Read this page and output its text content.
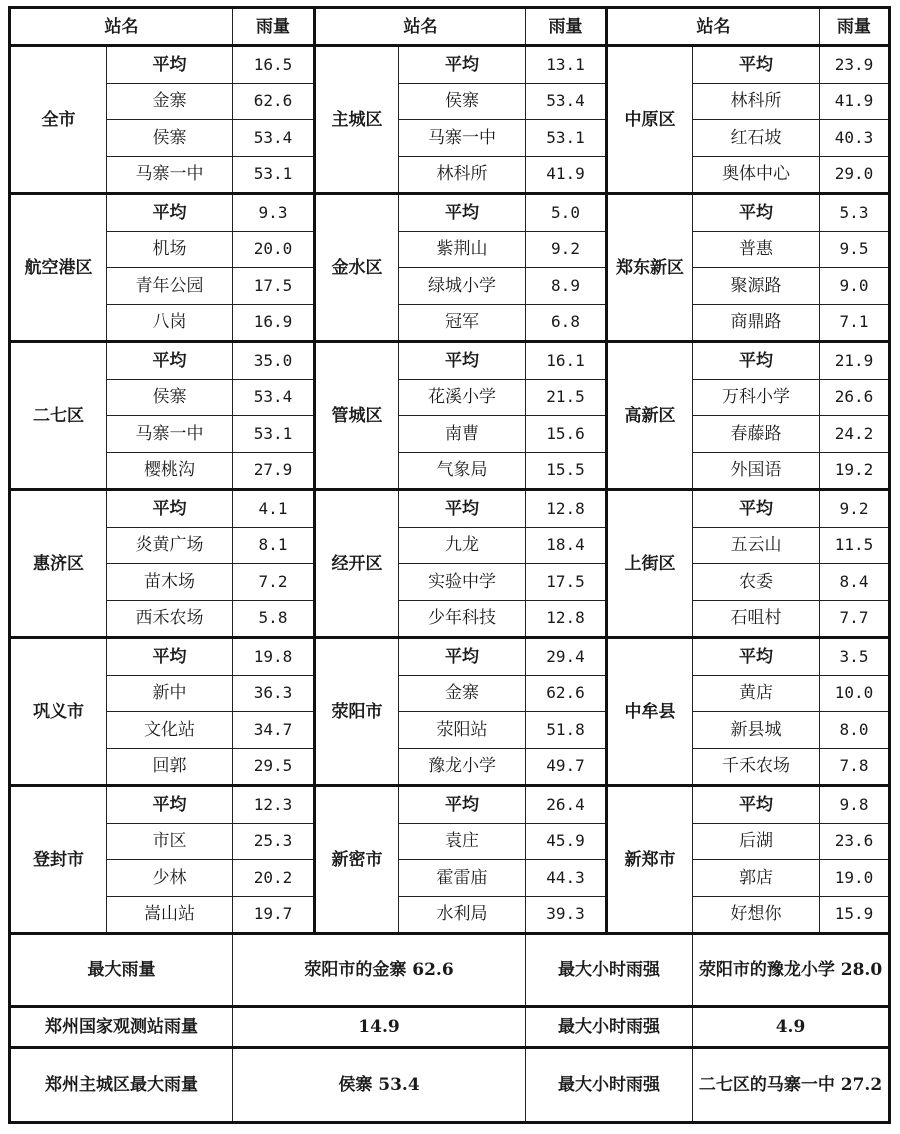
站名		雨量	站名		雨量	站名		雨量
全市	平均	16.5	主城区	平均	13.1	中原区	平均	23.9
	金寨	62.6		侯寨	53.4		林科所	41.9
	侯寨	53.4		马寨一中	53.1		红石坡	40.3
	马寨一中	53.1		林科所	41.9		奥体中心	29.0
航空港区	平均	9.3	金水区	平均	5.0	郑东新区	平均	5.3
	机场	20.0		紫荆山	9.2		普惠	9.5
	青年公园	17.5		绿城小学	8.9		聚源路	9.0
	八岗	16.9		冠军	6.8		商鼎路	7.1
二七区	平均	35.0	管城区	平均	16.1	高新区	平均	21.9
	侯寨	53.4		花溪小学	21.5		万科小学	26.6
	马寨一中	53.1		南曹	15.6		春藤路	24.2
	樱桃沟	27.9		气象局	15.5		外国语	19.2
惠济区	平均	4.1	经开区	平均	12.8	上街区	平均	9.2
	炎黄广场	8.1		九龙	18.4		五云山	11.5
	苗木场	7.2		实验中学	17.5		农委	8.4
	西禾农场	5.8		少年科技	12.8		石咀村	7.7
巩义市	平均	19.8	荥阳市	平均	29.4	中牟县	平均	3.5
	新中	36.3		金寨	62.6		黄店	10.0
	文化站	34.7		荥阳站	51.8		新县城	8.0
	回郭	29.5		豫龙小学	49.7		千禾农场	7.8
登封市	平均	12.3	新密市	平均	26.4	新郑市	平均	9.8
	市区	25.3		袁庄	45.9		后湖	23.6
	少林	20.2		霍雷庙	44.3		郭店	19.0
	嵩山站	19.7		水利局	39.3		好想你	15.9
最大雨量		荥阳市的金寨 62.6			最大小时雨强		荥阳市的豫龙小学 28.0	
郑州国家观测站雨量		14.9			最大小时雨强		4.9	
郑州主城区最大雨量		侯寨 53.4			最大小时雨强		二七区的马寨一中 27.2	
